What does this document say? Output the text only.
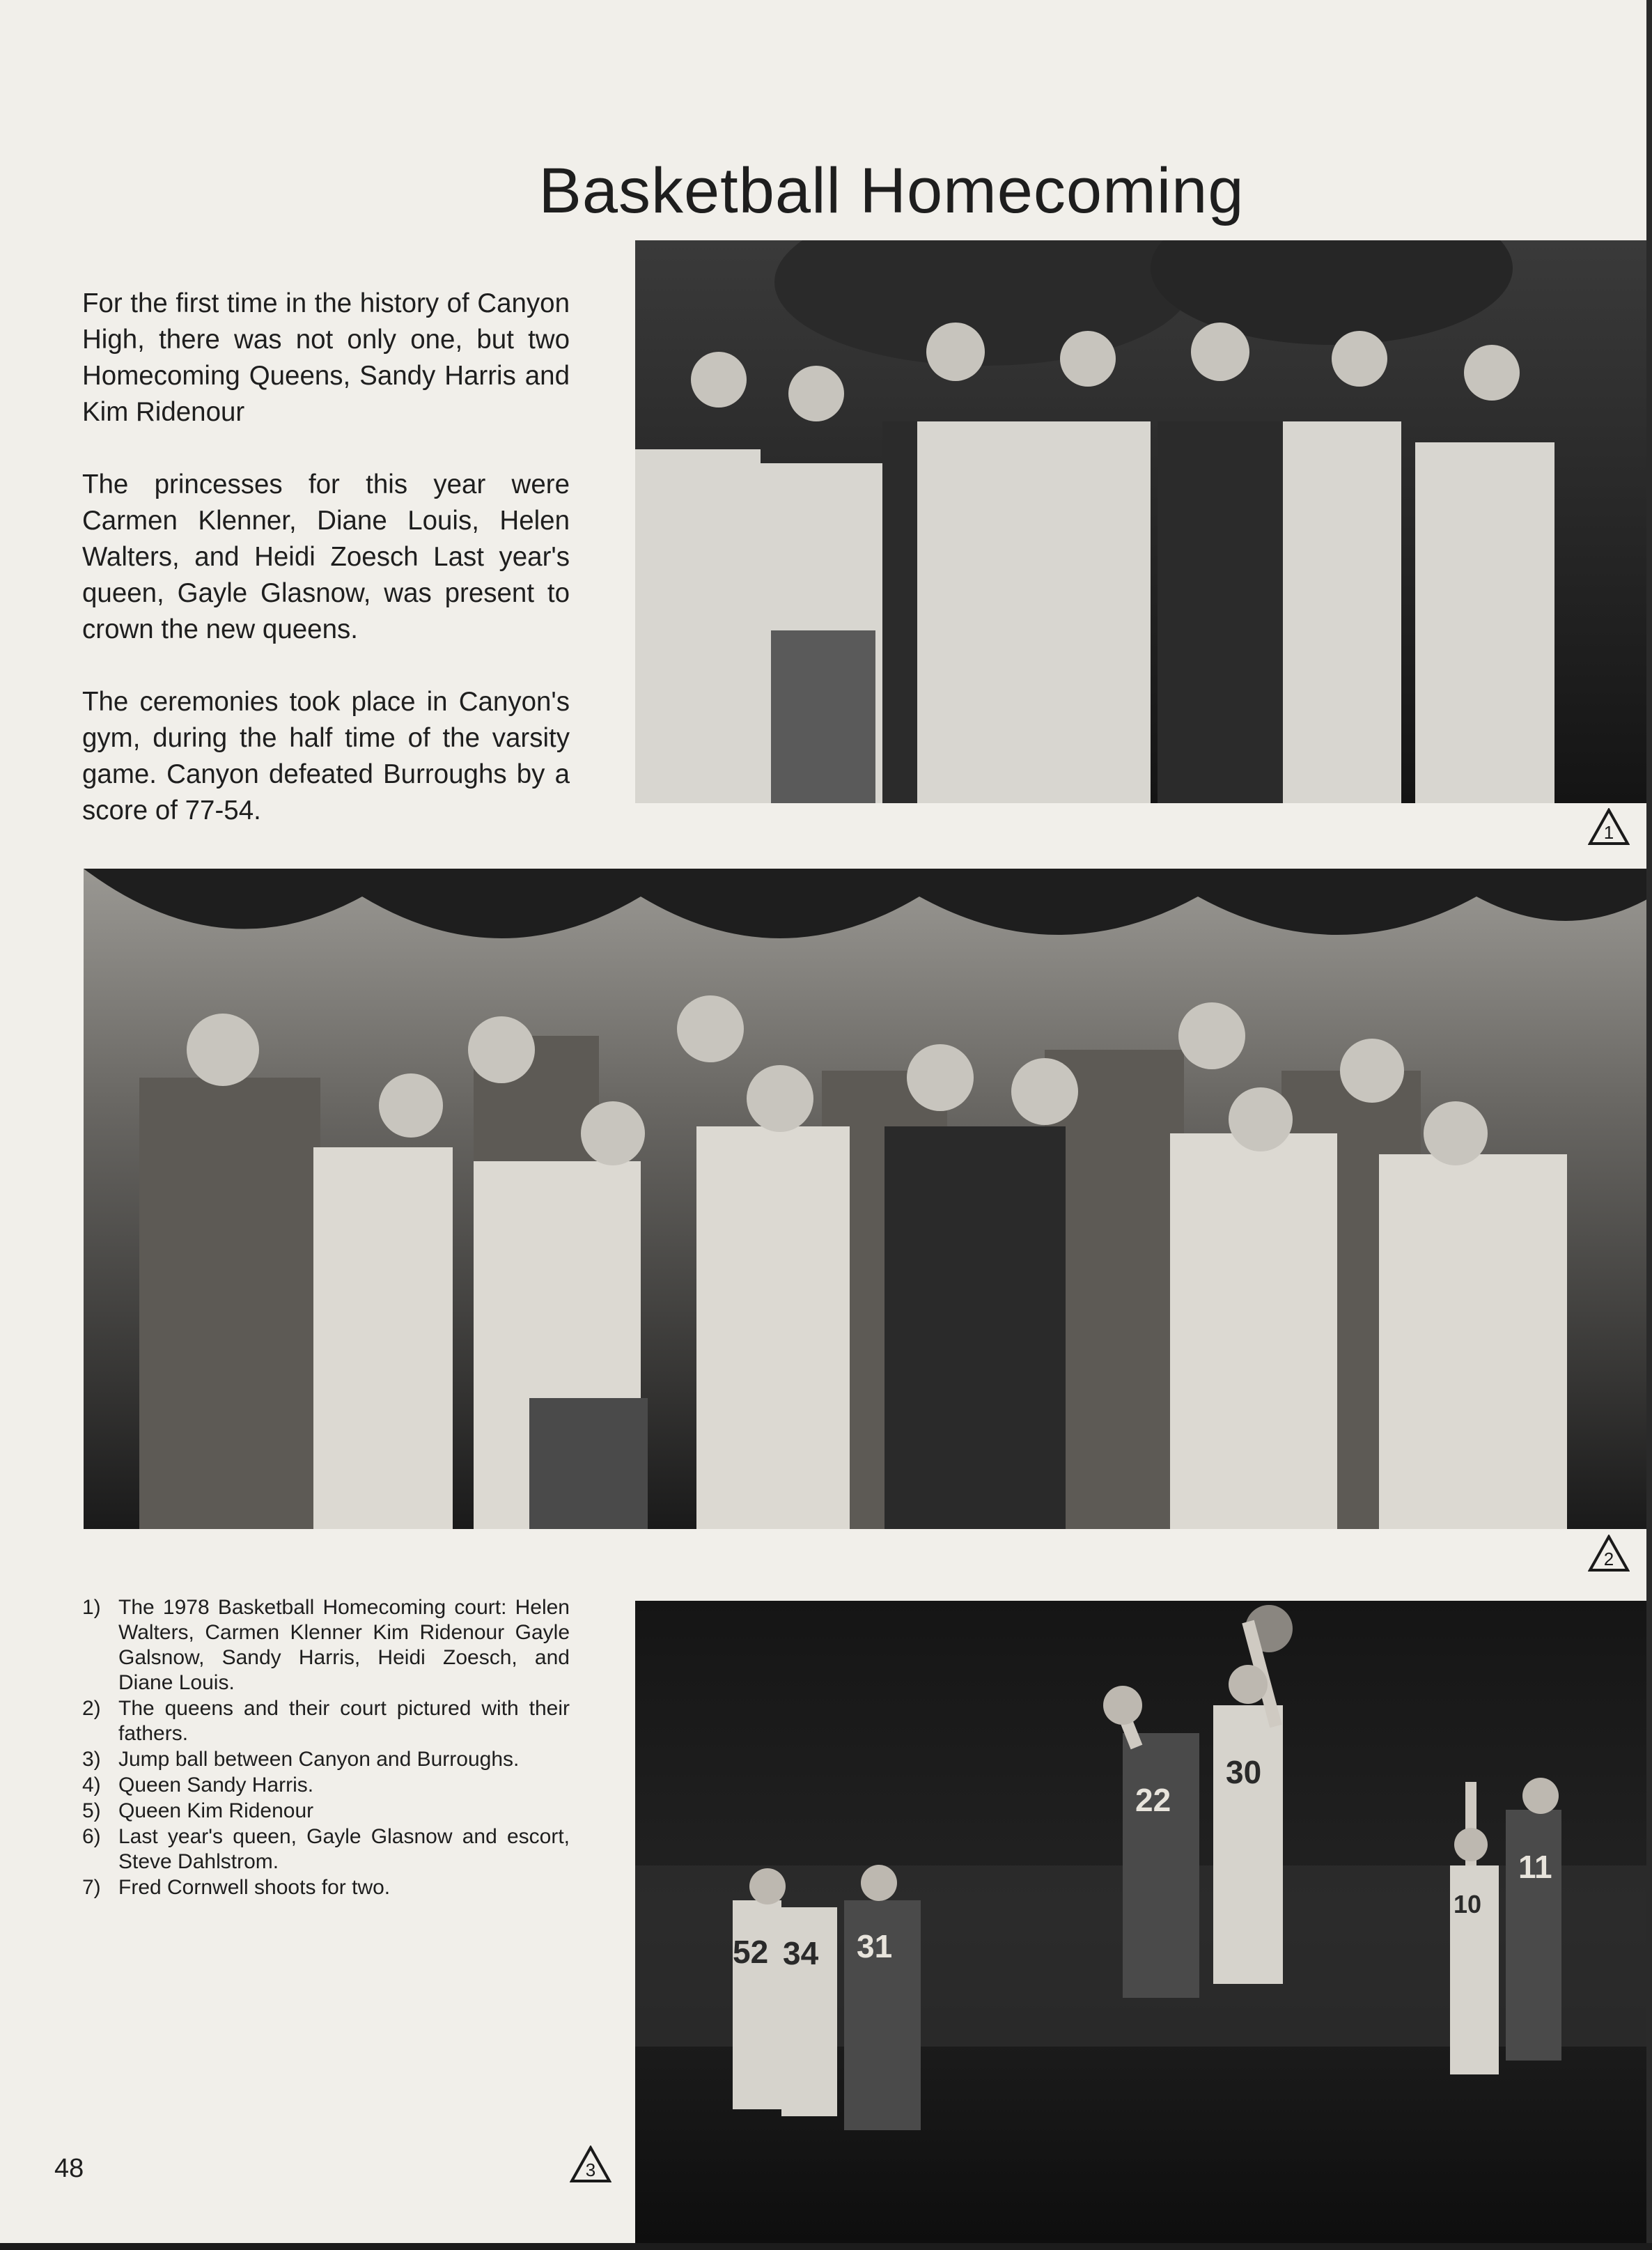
Basketball Homecoming

For the first time in the history of Canyon High, there was not only one, but two Homecoming Queens, Sandy Harris and Kim Ridenour

The princesses for this year were Carmen Klenner, Diane Louis, Helen Walters, and Heidi Zoesch Last year's queen, Gayle Glasnow, was present to crown the new queens.

The ceremonies took place in Canyon's gym, during the half time of the varsity game. Canyon defeated Burroughs by a score of 77-54.

1
2
1) The 1978 Basketball Homecoming court: Helen Walters, Carmen Klenner Kim Ridenour Gayle Galsnow, Sandy Harris, Heidi Zoesch, and Diane Louis.
2) The queens and their court pictured with their fathers.
3) Jump ball between Canyon and Burroughs.
4) Queen Sandy Harris.
5) Queen Kim Ridenour
6) Last year's queen, Gayle Glasnow and escort, Steve Dahlstrom.
7) Fred Cornwell shoots for two.
22
30
52 34 31
10
11
3
48
